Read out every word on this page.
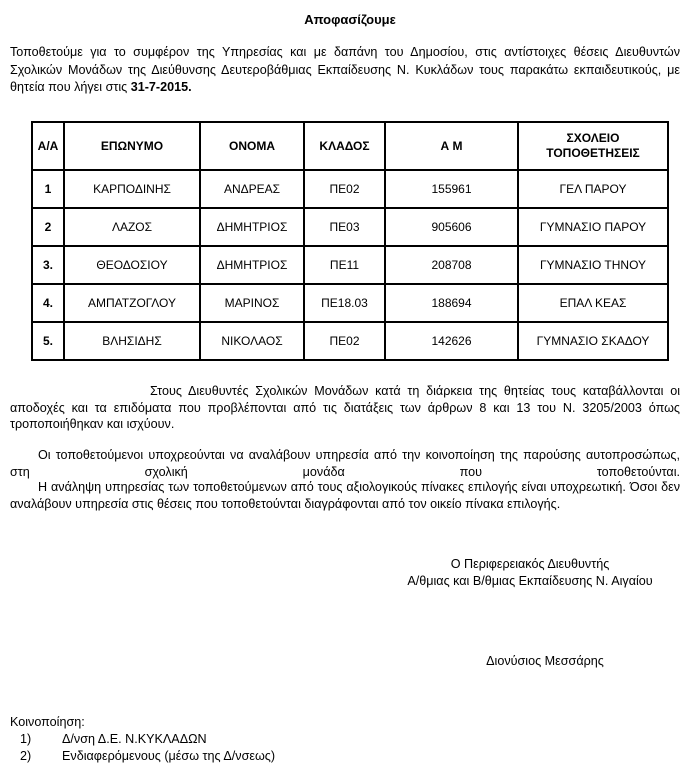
Αποφασίζουμε
Τοποθετούμε για το συμφέρον της Υπηρεσίας και με δαπάνη του Δημοσίου, στις αντίστοιχες θέσεις Διευθυντών Σχολικών Μονάδων της Διεύθυνσης Δευτεροβάθμιας Εκπαίδευσης Ν. Κυκλάδων τους παρακάτω εκπαιδευτικούς, με θητεία που λήγει στις 31-7-2015.
Α/Α	ΕΠΩΝΥΜΟ	ΟΝΟΜΑ	ΚΛΑΔΟΣ	Α Μ	ΣΧΟΛΕΙΟ
ΤΟΠΟΘΕΤΗΣΕΙΣ

1	ΚΑΡΠΟΔΙΝΗΣ	ΑΝΔΡΕΑΣ	ΠΕ02	155961	ΓΕΛ ΠΑΡΟΥ
2	ΛΑΖΟΣ	ΔΗΜΗΤΡΙΟΣ	ΠΕ03	905606	ΓΥΜΝΑΣΙΟ ΠΑΡΟΥ
3.	ΘΕΟΔΟΣΙΟΥ	ΔΗΜΗΤΡΙΟΣ	ΠΕ11	208708	ΓΥΜΝΑΣΙΟ ΤΗΝΟΥ
4.	ΑΜΠΑΤΖΟΓΛΟΥ	ΜΑΡΙΝΟΣ	ΠΕ18.03	188694	ΕΠΑΛ ΚΕΑΣ
5.	ΒΛΗΣΙΔΗΣ	ΝΙΚΟΛΑΟΣ	ΠΕ02	142626	ΓΥΜΝΑΣΙΟ ΣΚΑΔΟΥ
Στους Διευθυντές Σχολικών Μονάδων κατά τη διάρκεια της θητείας τους καταβάλλονται οι
αποδοχές και τα επιδόματα που προβλέπονται από τις διατάξεις των άρθρων 8 και 13 του Ν. 3205/2003 όπως τροποποιήθηκαν και ισχύουν.
Οι τοποθετούμενοι υποχρεούνται να αναλάβουν υπηρεσία από την κοινοποίηση της παρούσης αυτοπροσώπως, στη σχολική μονάδα που τοποθετούνται.
Η ανάληψη υπηρεσίας των τοποθετούμενων από τους αξιολογικούς πίνακες επιλογής είναι υποχρεωτική. Όσοι δεν αναλάβουν υπηρεσία στις θέσεις που τοποθετούνται διαγράφονται από τον οικείο πίνακα επιλογής.
Ο Περιφερειακός Διευθυντής
Α/θμιας και Β/θμιας Εκπαίδευσης Ν. Αιγαίου
Διονύσιος Μεσσάρης
Κοινοποίηση:
1)	Δ/νση Δ.Ε. Ν.ΚΥΚΛΑΔΩΝ
2)	Ενδιαφερόμενους (μέσω της Δ/νσεως)
